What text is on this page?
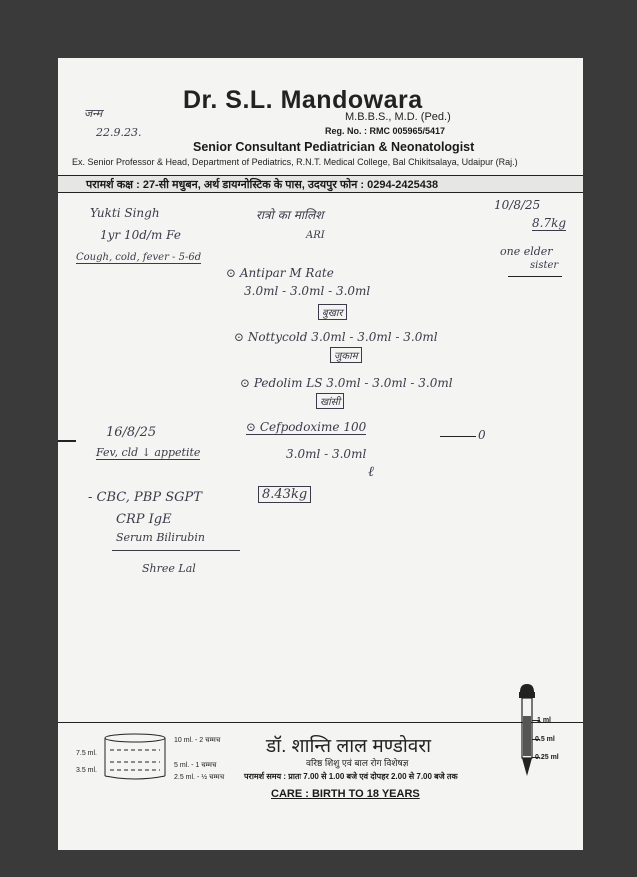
Dr. S.L. Mandowara
M.B.B.S., M.D. (Ped.)
Reg. No. : RMC 005965/5417
Senior Consultant Pediatrician & Neonatologist
Ex. Senior Professor & Head, Department of Pediatrics, R.N.T. Medical College, Bal Chikitsalaya, Udaipur (Raj.)
परामर्श कक्ष : 27-सी मधुबन, अर्थ डायग्नोस्टिक के पास, उदयपुर फोन : 0294-2425438
जन्म
22.9.23.
Yukti Singh
1yr 10d/m Fe
Cough, cold, fever - 5-6d
रात्रो का मालिश
ARI
10/8/25
8.7kg
one elder
sister
⊙ Antipar M Rate
3.0ml - 3.0ml - 3.0ml
बुखार
⊙ Nottycold 3.0ml - 3.0ml - 3.0ml
जुकाम
⊙ Pedolim LS 3.0ml - 3.0ml - 3.0ml
खांसी
16/8/25
Fev, cld ↓ appetite
⊙ Cefpodoxime 100
3.0ml - 3.0ml
0
ℓ
- CBC, PBP SGPT	8.43kg
CRP IgE
Serum Bilirubin
Shree Lal
10 ml. - 2 चम्मच
5 ml. - 1 चम्मच
2.5 ml. - ½ चम्मच
7.5 ml.
3.5 ml.
डॉ. शान्ति लाल मण्डोवरा
वरिष्ठ शिशु एवं बाल रोग विशेषज्ञ
परामर्श समय : प्रातः 7.00 से 1.00 बजे एवं दोपहर 2.00 से 7.00 बजे तक
CARE : BIRTH TO 18 YEARS
1 ml
0.5 ml
0.25 ml
